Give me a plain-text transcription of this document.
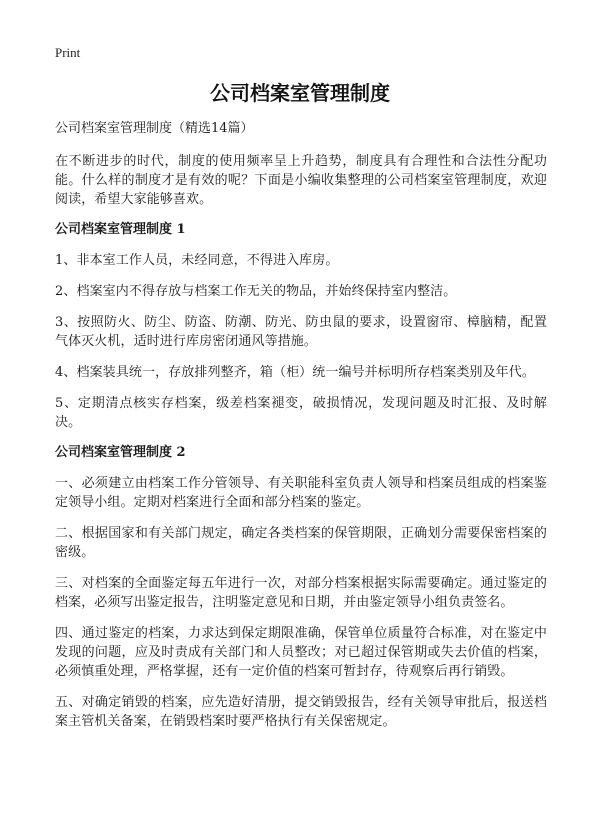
Print

公司档案室管理制度

公司档案室管理制度（精选14篇）

在不断进步的时代，制度的使用频率呈上升趋势，制度具有合理性和合法性分配功能。什么样的制度才是有效的呢？下面是小编收集整理的公司档案室管理制度，欢迎阅读，希望大家能够喜欢。

公司档案室管理制度 1

1、非本室工作人员，未经同意，不得进入库房。

2、档案室内不得存放与档案工作无关的物品，并始终保持室内整洁。

3、按照防火、防尘、防盗、防潮、防光、防虫鼠的要求，设置窗帘、樟脑精，配置气体灭火机，适时进行库房密闭通风等措施。

4、档案装具统一，存放排列整齐，箱（柜）统一编号并标明所存档案类别及年代。

5、定期清点核实存档案，级差档案褪变，破损情况，发现问题及时汇报、及时解决。

公司档案室管理制度 2

一、必须建立由档案工作分管领导、有关职能科室负责人领导和档案员组成的档案鉴定领导小组。定期对档案进行全面和部分档案的鉴定。

二、根据国家和有关部门规定，确定各类档案的保管期限，正确划分需要保密档案的密级。

三、对档案的全面鉴定每五年进行一次，对部分档案根据实际需要确定。通过鉴定的档案，必须写出鉴定报告，注明鉴定意见和日期，并由鉴定领导小组负责签名。

四、通过鉴定的档案，力求达到保定期限准确，保管单位质量符合标准，对在鉴定中发现的问题，应及时责成有关部门和人员整改；对已超过保管期或失去价值的档案，必须慎重处理，严格掌握，还有一定价值的档案可暂封存，待观察后再行销毁。

五、对确定销毁的档案，应先造好清册，提交销毁报告，经有关领导审批后，报送档案主管机关备案，在销毁档案时要严格执行有关保密规定。
